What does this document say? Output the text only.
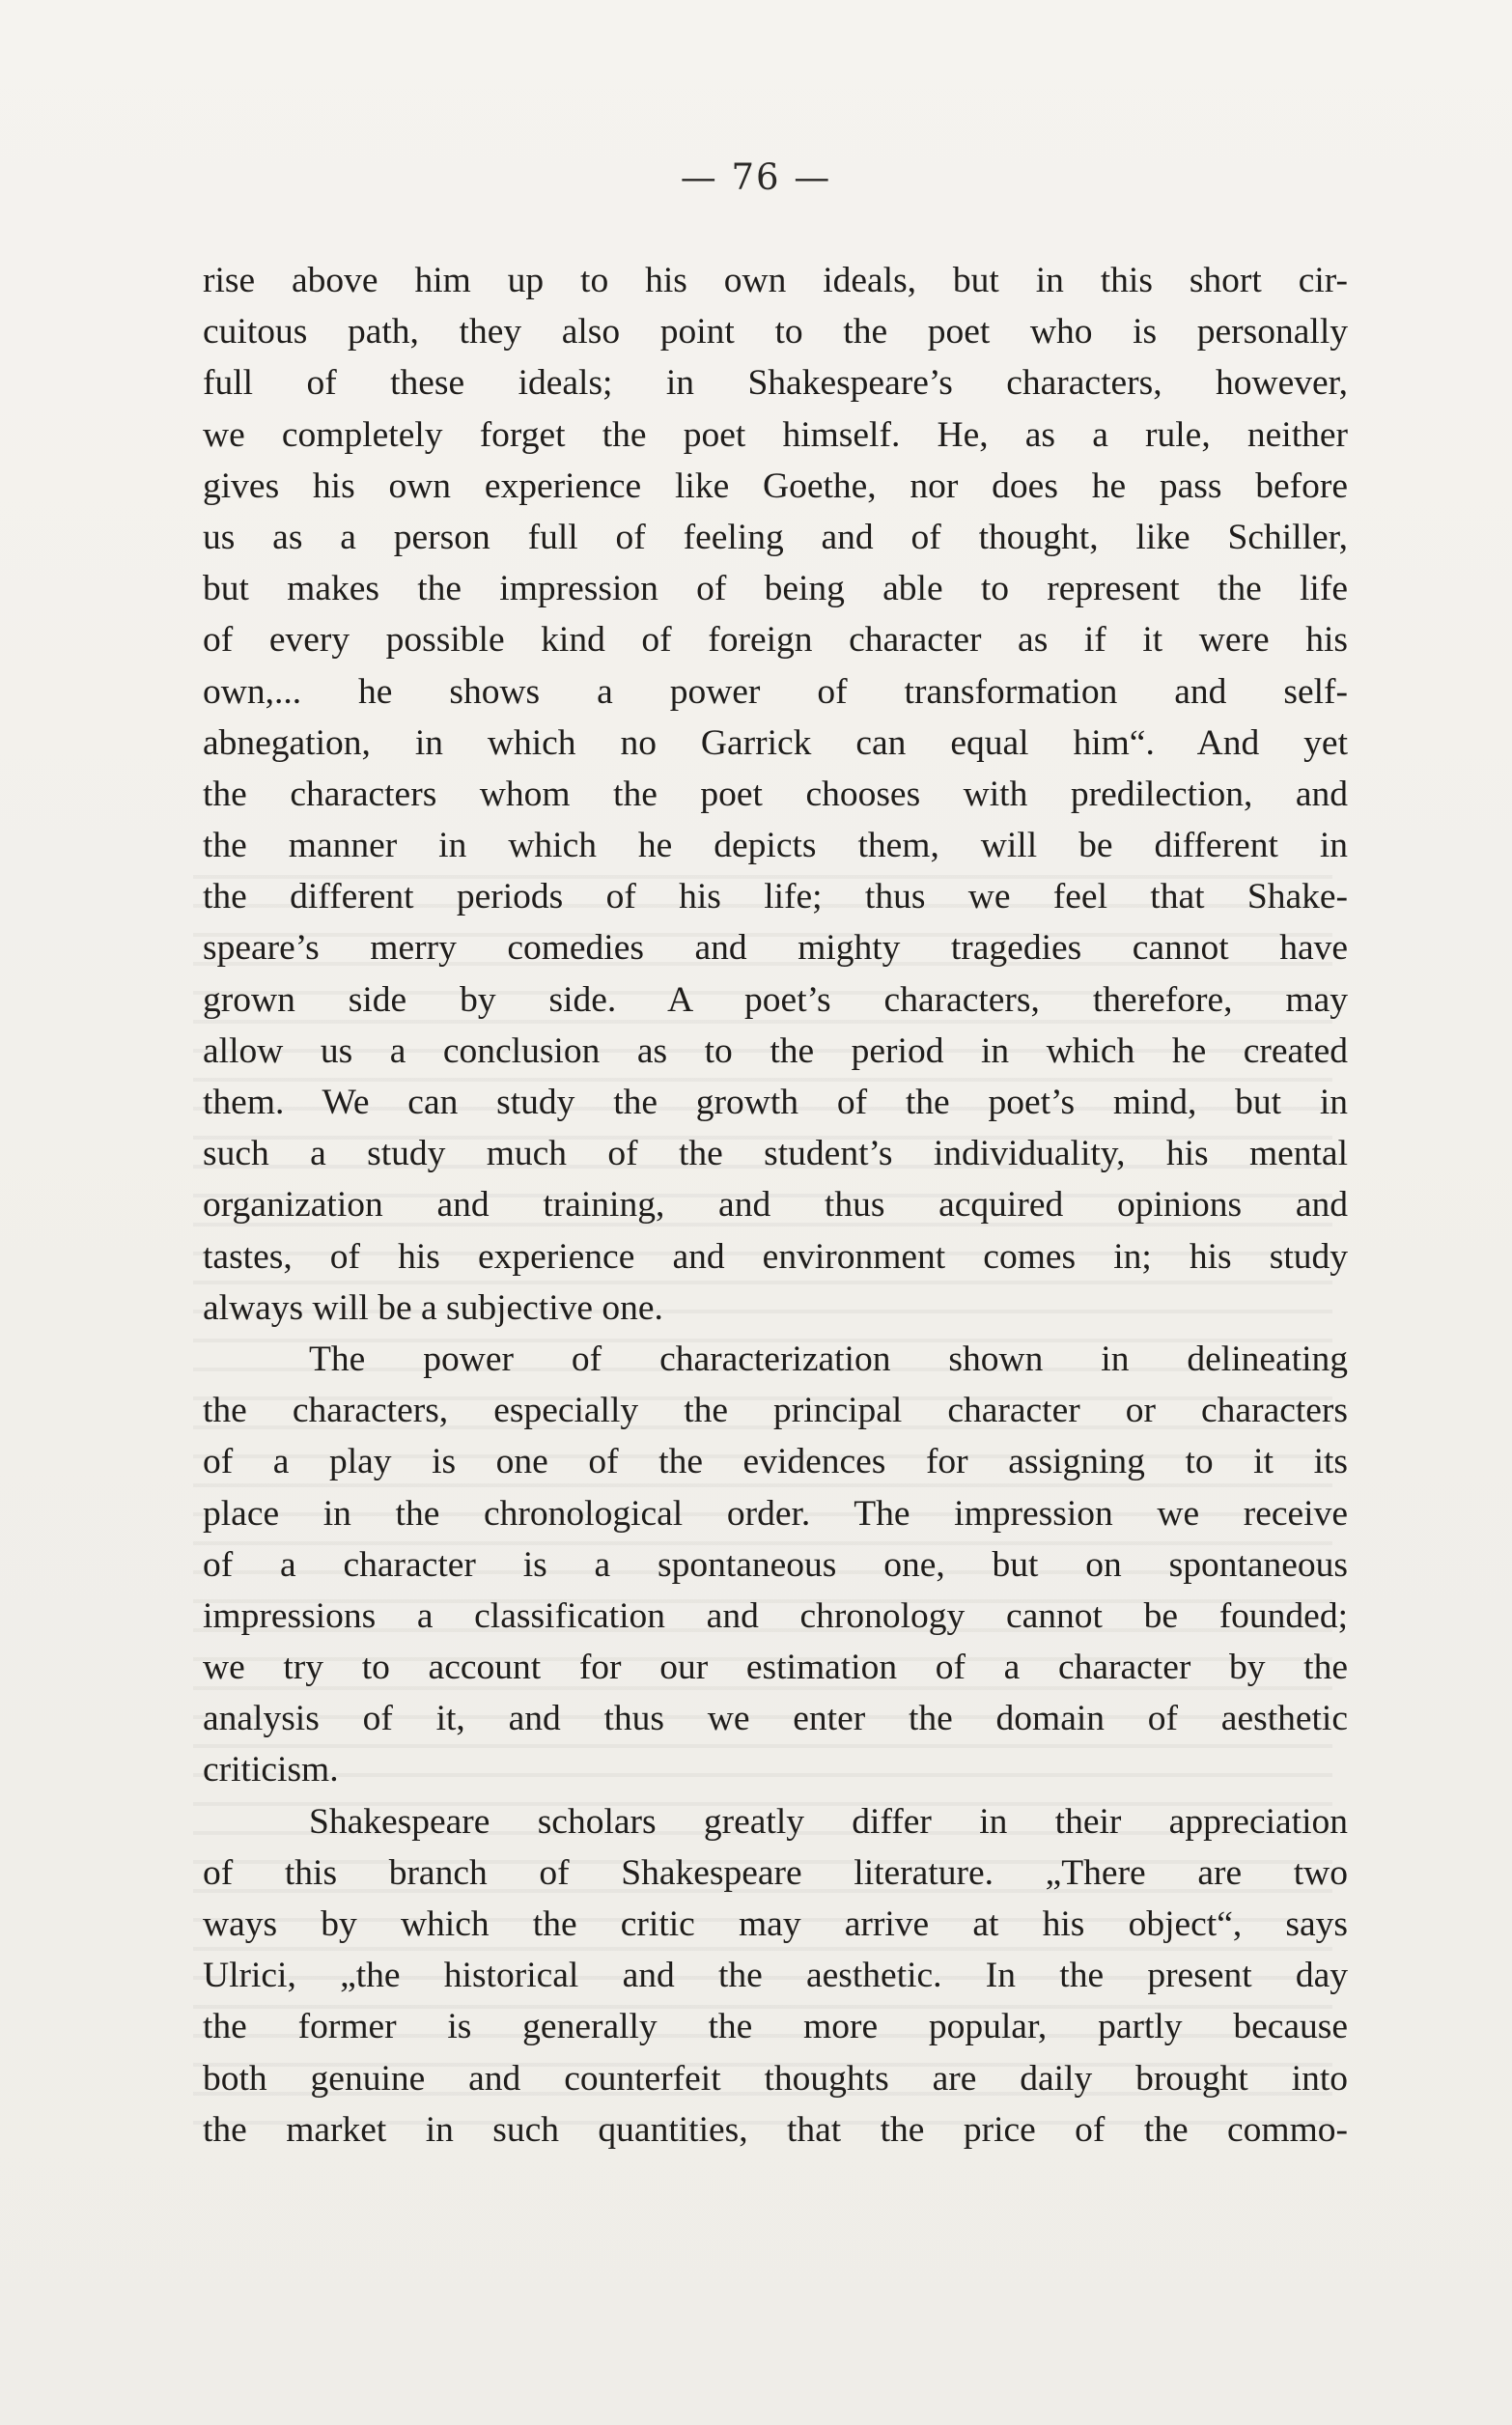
— 76 —
rise above him up to his own ideals, but in this short cir-
cuitous path, they also point to the poet who is personally
full of these ideals; in Shakespeare’s characters, however,
we completely forget the poet himself. He, as a rule, neither
gives his own experience like Goethe, nor does he pass before
us as a person full of feeling and of thought, like Schiller,
but makes the impression of being able to represent the life
of every possible kind of foreign character as if it were his
own,... he shows a power of transformation and self-
abnegation, in which no Garrick can equal him“. And yet
the characters whom the poet chooses with predilection, and
the manner in which he depicts them, will be different in
the different periods of his life; thus we feel that Shake-
speare’s merry comedies and mighty tragedies cannot have
grown side by side. A poet’s characters, therefore, may
allow us a conclusion as to the period in which he created
them. We can study the growth of the poet’s mind, but in
such a study much of the student’s individuality, his mental
organization and training, and thus acquired opinions and
tastes, of his experience and environment comes in; his study
always will be a subjective one.
The power of characterization shown in delineating
the characters, especially the principal character or characters
of a play is one of the evidences for assigning to it its
place in the chronological order. The impression we receive
of a character is a spontaneous one, but on spontaneous
impressions a classification and chronology cannot be founded;
we try to account for our estimation of a character by the
analysis of it, and thus we enter the domain of aesthetic
criticism.
Shakespeare scholars greatly differ in their appreciation
of this branch of Shakespeare literature. „There are two
ways by which the critic may arrive at his object“, says
Ulrici, „the historical and the aesthetic. In the present day
the former is generally the more popular, partly because
both genuine and counterfeit thoughts are daily brought into
the market in such quantities, that the price of the commo-
